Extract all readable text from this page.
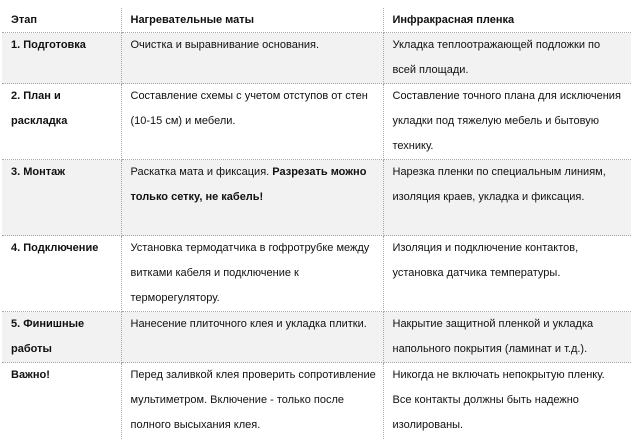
Этап	Нагревательные маты	Инфракрасная пленка
1. Подготовка	Очистка и выравнивание основания.	Укладка теплоотражающей подложки по всей площади.
2. План и раскладка	Составление схемы с учетом отступов от стен (10-15 см) и мебели.	Составление точного плана для исключения укладки под тяжелую мебель и бытовую технику.
3. Монтаж	Раскатка мата и фиксация. Разрезать можно только сетку, не кабель!	Нарезка пленки по специальным линиям, изоляция краев, укладка и фиксация.
4. Подключение	Установка термодатчика в гофротрубке между витками кабеля и подключение к терморегулятору.	Изоляция и подключение контактов, установка датчика температуры.
5. Финишные работы	Нанесение плиточного клея и укладка плитки.	Накрытие защитной пленкой и укладка напольного покрытия (ламинат и т.д.).
Важно!	Перед заливкой клея проверить сопротивление мультиметром. Включение - только после полного высыхания клея.	Никогда не включать непокрытую пленку. Все контакты должны быть надежно изолированы.
